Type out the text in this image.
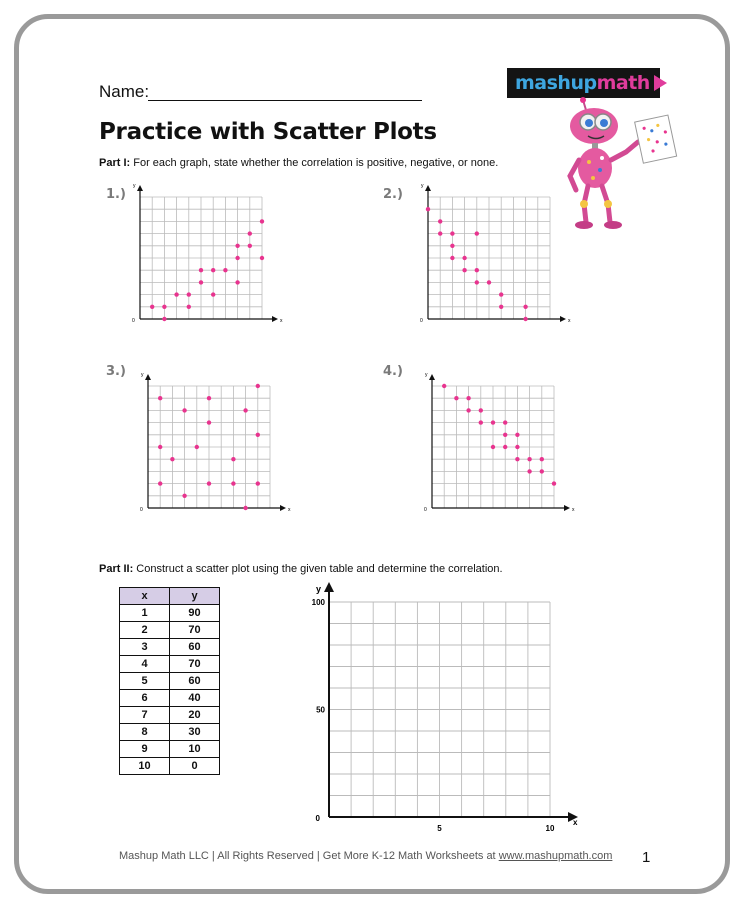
Name:	mashup math
Practice with Scatter Plots
Part I: For each graph, state whether the correlation is positive, negative, or none.
1.)	2.)
3.)	4.)
x
y
0	x
y
0
x
y
0	x
y
0
Part II: Construct a scatter plot using the given table and determine the correlation.
x	y
1	90
2	70
3	60
4	70
5	60
6	40
7	20
8	30
9	10
10	0
x
y
0
5	10
50
100
Mashup Math LLC | All Rights Reserved | Get More K-12 Math Worksheets at www.mashupmath.com 1
